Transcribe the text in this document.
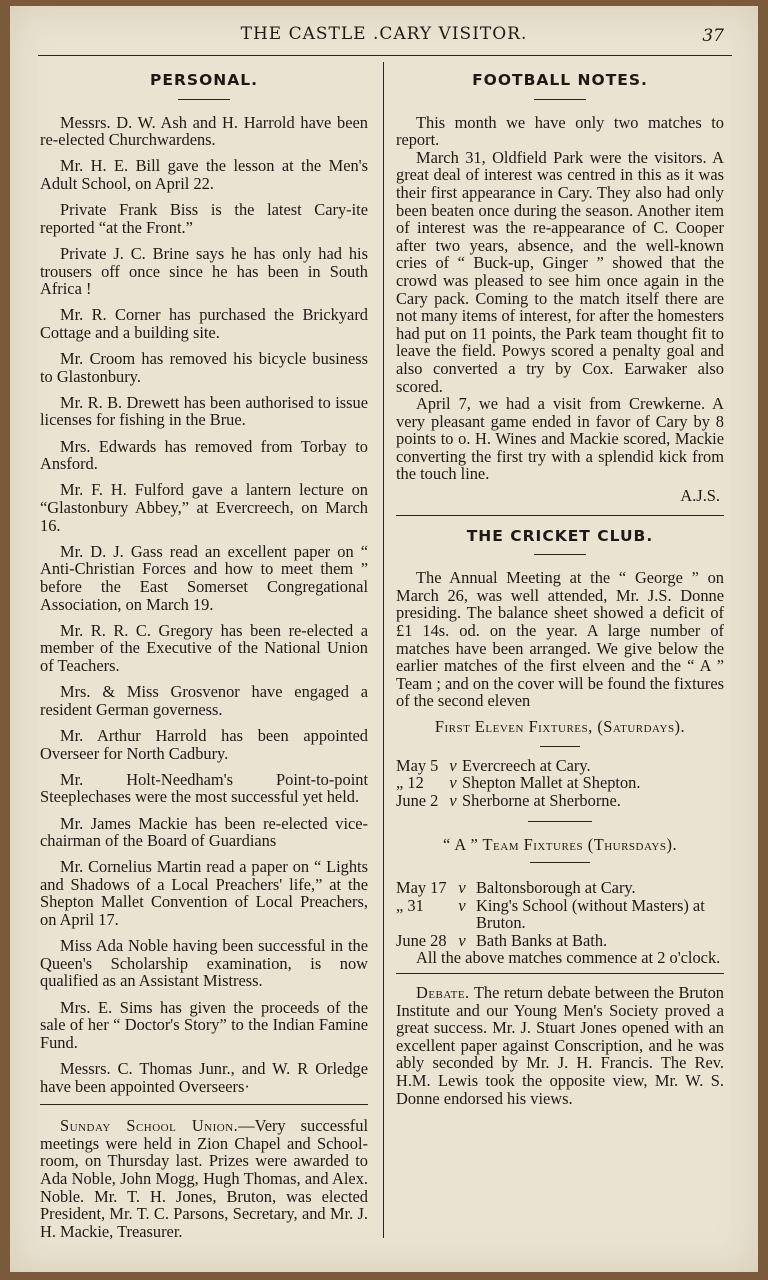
THE CASTLE .CARY VISITOR.	37
PERSONAL.

Messrs. D. W. Ash and H. Harrold have been re-elected Churchwardens.

Mr. H. E. Bill gave the lesson at the Men's Adult School, on April 22.

Private Frank Biss is the latest Cary-ite reported “at the Front.”

Private J. C. Brine says he has only had his trousers off once since he has been in South Africa !

Mr. R. Corner has purchased the Brickyard Cottage and a building site.

Mr. Croom has removed his bicycle business to Glastonbury.

Mr. R. B. Drewett has been authorised to issue licenses for fishing in the Brue.

Mrs. Edwards has removed from Torbay to Ansford.

Mr. F. H. Fulford gave a lantern lecture on “Glastonbury Abbey,” at Evercreech, on March 16.

Mr. D. J. Gass read an excellent paper on “ Anti-Christian Forces and how to meet them ” before the East Somerset Congregational Association, on March 19.

Mr. R. R. C. Gregory has been re-elected a member of the Executive of the National Union of Teachers.

Mrs. & Miss Grosvenor have engaged a resident German governess.

Mr. Arthur Harrold has been appointed Overseer for North Cadbury.

Mr. Holt-Needham's Point-to-point Steeplechases were the most successful yet held.

Mr. James Mackie has been re-elected vice-chairman of the Board of Guardians

Mr. Cornelius Martin read a paper on “ Lights and Shadows of a Local Preachers' life,” at the Shepton Mallet Convention of Local Preachers, on April 17.

Miss Ada Noble having been successful in the Queen's Scholarship examination, is now qualified as an Assistant Mistress.

Mrs. E. Sims has given the proceeds of the sale of her “ Doctor's Story” to the Indian Famine Fund.

Messrs. C. Thomas Junr., and W. R Orledge have been appointed Overseers·

Sunday School Union.—Very successful meetings were held in Zion Chapel and School-room, on Thursday last. Prizes were awarded to Ada Noble, John Mogg, Hugh Thomas, and Alex. Noble. Mr. T. H. Jones, Bruton, was elected President, Mr. T. C. Parsons, Secretary, and Mr. J. H. Mackie, Treasurer.

FOOTBALL NOTES.

This month we have only two matches to report.

March 31, Oldfield Park were the visitors. A great deal of interest was centred in this as it was their first appearance in Cary. They also had only been beaten once during the season. Another item of interest was the re-appearance of C. Cooper after two years, absence, and the well-known cries of “ Buck-up, Ginger ” showed that the crowd was pleased to see him once again in the Cary pack. Coming to the match itself there are not many items of interest, for after the homesters had put on 11 points, the Park team thought fit to leave the field. Powys scored a penalty goal and also converted a try by Cox. Earwaker also scored.

April 7, we had a visit from Crewkerne. A very pleasant game ended in favor of Cary by 8 points to o. H. Wines and Mackie scored, Mackie converting the first try with a splendid kick from the touch line.

A.J.S.
THE CRICKET CLUB.

The Annual Meeting at the “ George ” on March 26, was well attended, Mr. J.S. Donne presiding. The balance sheet showed a deficit of £1 14s. od. on the year. A large number of matches have been arranged. We give below the earlier matches of the first elveen and the “ A ” Team ; and on the cover will be found the fixtures of the second eleven

First Eleven Fixtures, (Saturdays).

May 5 v Evercreech at Cary.
„ 12	v Shepton Mallet at Shepton.
June 2 v Sherborne at Sherborne.

“ A ” Team Fixtures (Thursdays).

May 17 v Baltonsborough at Cary.
„ 31	v King's School (without Masters) at Bruton.
June 28 v Bath Banks at Bath.

All the above matches commence at 2 o'clock.

Debate. The return debate between the Bruton Institute and our Young Men's Society proved a great success. Mr. J. Stuart Jones opened with an excellent paper against Conscription, and he was ably seconded by Mr. J. H. Francis. The Rev. H.M. Lewis took the opposite view, Mr. W. S. Donne endorsed his views.
